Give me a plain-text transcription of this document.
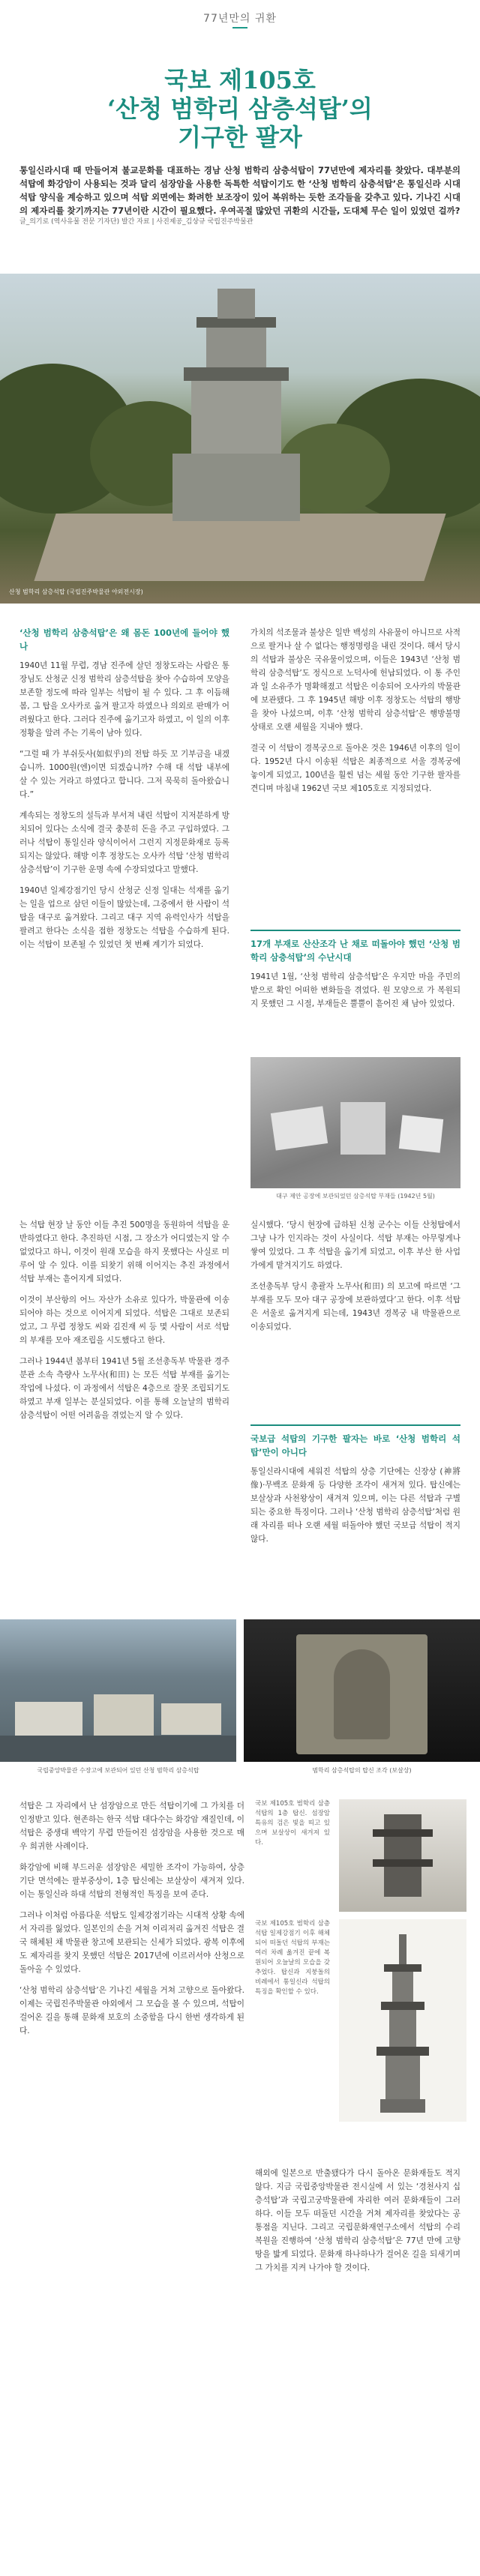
77년만의 귀환
국보 제105호
‘산청 범학리 삼층석탑’의
기구한 팔자
통일신라시대 때 만들어져 불교문화를 대표하는 경남 산청 범학리 삼층석탑이 77년만에 제자리를 찾았다. 대부분의 석탑에 화강암이 사용되는 것과 달리 섬장암을 사용한 독특한 석탑이기도 한 ‘산청 범학리 삼층석탑’은 통일신라 시대 석탑 양식을 계승하고 있으며 석탑 외면에는 화려한 보조장이 있어 복위하는 듯한 조각들을 갖추고 있다. 기나긴 시대의 제자리를 찾기까지는 77년이란 시간이 필요했다. 우여곡절 많았던 귀환의 시간들, 도대체 무슨 일이 있었던 걸까?
글_의기로 (역사유물 전문 기자단) 발간 자료 | 사진제공_김상규 국립진주박물관
산청 범학리 삼층석탑 (국립진주박물관 야외전시장)
‘산청 범학리 삼층석탑’은 왜 몸돈 100년에 들어야 했나

1940년 11월 무렵, 경남 진주에 살던 정창도라는 사람은 통장님도 산청군 신정 범학리 삼층석탑을 찾아 수습하여 모양을 보존할 정도에 따라 일부는 석탑이 될 수 있다. 그 후 이듬해 봄, 그 탑을 오사카로 옮겨 팔고자 하였으나 의외로 판매가 어려웠다고 한다. 그러다 진주에 옮기고자 하였고, 이 일의 이후 정황을 알려 주는 기록이 남아 있다.

“그럴 때 가 부쉬듯사(如似乎)의 전탑 하듯 꼬 기부금을 내겠습니까. 1000원(엔)이면 되겠습니까? 수해 대 석탑 내부에 살 수 있는 거라고 하였다고 합니다. 그저 묵묵히 돌아왔습니다.”

계속되는 정창도의 설득과 부서져 내린 석탑이 지저분하게 방치되어 있다는 소식에 결국 충분히 돈을 주고 구입하였다. 그러나 석탑이 통일신라 양식이어서 그런지 지정문화재로 등록되지는 않았다. 해방 이후 정창도는 오사카 석탑 ‘산청 범학리 삼층석탑’이 기구한 운명 속에 수장되었다고 말했다.

1940년 일제강점기인 당시 산청군 신정 일대는 석재를 옮기는 일을 업으로 삼던 이들이 많았는데, 그중에서 한 사람이 석탑을 대구로 옮겨왔다. 그리고 대구 지역 유력인사가 석탑을 팔려고 한다는 소식을 접한 정창도는 석탑을 수습하게 된다. 이는 석탑이 보존될 수 있었던 첫 번째 계기가 되었다.

가치의 석조물과 불상은 일반 백성의 사유물이 아니므로 사적으로 팔거나 살 수 없다는 행정명령을 내린 것이다. 해서 당시의 석탑과 불상은 국유물이었으며, 이들은 1943년 ‘산청 범학리 삼층석탑’도 정식으로 노덕사에 헌납되었다. 이 통 주인과 일 소유주가 명확해졌고 석탑은 이송되어 오사카의 박물관에 보관됐다. 그 후 1945년 해방 이후 정창도는 석탑의 행방을 찾아 나섰으며, 이후 ‘산청 범학리 삼층석탑’은 행방불명 상태로 오랜 세월을 지내야 했다.

결국 이 석탑이 경복궁으로 돌아온 것은 1946년 이후의 일이다. 1952년 다시 이송된 석탑은 최종적으로 서울 경복궁에 놓이게 되었고, 100년을 훨씬 넘는 세월 동안 기구한 팔자를 견디며 마침내 1962년 국보 제105호로 지정되었다.

17개 부재로 산산조각 난 채로 떠돌아야 했던 ‘산청 범학리 삼층석탑’의 수난시대

1941년 1월, ‘산청 범학리 삼층석탑’은 우지만 마을 주민의 밭으로 확인 어떠한 변화들을 겪었다. 원 모양으로 가 복원되지 못했던 그 시절, 부재들은 뿔뿔이 흩어진 채 남아 있었다.

대구 제안 공장에 보관되었던 삼층석탑 부재들 (1942년 5월)

는 석탑 현장 날 동안 이들 추진 500명을 동원하여 석탑을 운반하였다고 한다. 추진하던 시점, 그 장소가 어디였는지 알 수 없었다고 하니, 이것이 원래 모습을 하지 못했다는 사실로 미루어 알 수 있다. 이를 되찾기 위해 이어지는 추진 과정에서 석탑 부재는 흩어지게 되었다.

이것이 부산항의 어느 자산가 소유로 있다가, 박물관에 이송되어야 하는 것으로 이어지게 되었다. 석탑은 그대로 보존되었고, 그 무렵 정창도 씨와 김진재 씨 등 몇 사람이 서로 석탑의 부재를 모아 재조립을 시도했다고 한다.

그러나 1944년 봄부터 1941년 5월 조선총독부 박물관 경주 분관 소속 측량사 노무사(和田) 는 모든 석탑 부재를 옮기는 작업에 나섰다. 이 과정에서 석탑은 4층으로 잘못 조립되기도 하였고 부재 일부는 분실되었다. 이를 통해 오늘날의 범학리 삼층석탑이 어떤 어려움을 겪었는지 알 수 있다.

실시했다. ‘당시 현장에 급하된 신청 군수는 이들 산청탑에서 그냥 나가 인지라는 것이 사실이다. 석탑 부재는 아무렇게나 쌓여 있었다. 그 후 석탑을 옮기게 되었고, 이후 부산 한 사업가에게 맡겨지기도 하였다.

조선총독부 당시 총괄자 노무사(和田) 의 보고에 따르면 ‘그 부재를 모두 모아 대구 공장에 보관하였다’고 한다. 이후 석탑은 서울로 옮겨지게 되는데, 1943년 경복궁 내 박물관으로 이송되었다.

국보급 석탑의 기구한 팔자는 바로 ‘산청 범학리 석탑’만이 아니다

통일신라시대에 세워진 석탑의 상층 기단에는 신장상 (神將像)·무백조 문화재 등 다양한 조각이 새겨져 있다. 탑신에는 보살상과 사천왕상이 새겨져 있으며, 이는 다른 석탑과 구별되는 중요한 특징이다. 그러나 ‘산청 범학리 삼층석탑’처럼 원래 자리를 떠나 오랜 세월 떠돌아야 했던 국보급 석탑이 적지 않다.

국립중앙박물관 수장고에 보관되어 있던 산청 범학리 삼층석탑	범학리 삼층석탑의 탑신 조각 (보살상)

석탑은 그 자리에서 난 섬장암으로 만든 석탑이기에 그 가치를 더 인정받고 있다. 현존하는 한국 석탑 대다수는 화강암 재질인데, 이 석탑은 중생대 백악기 무렵 만들어진 섬장암을 사용한 것으로 매우 희귀한 사례이다.

화강암에 비해 부드러운 섬장암은 세밀한 조각이 가능하여, 상층기단 면석에는 팔부중상이, 1층 탑신에는 보살상이 새겨져 있다. 이는 통일신라 하대 석탑의 전형적인 특징을 보여 준다.

그러나 이처럼 아름다운 석탑도 일제강점기라는 시대적 상황 속에서 자리를 잃었다. 일본인의 손을 거쳐 이리저리 옮겨진 석탑은 결국 해체된 채 박물관 창고에 보관되는 신세가 되었다. 광복 이후에도 제자리를 찾지 못했던 석탑은 2017년에 이르러서야 산청으로 돌아올 수 있었다.

‘산청 범학리 삼층석탑’은 기나긴 세월을 거쳐 고향으로 돌아왔다. 이제는 국립진주박물관 야외에서 그 모습을 볼 수 있으며, 석탑이 걸어온 길을 통해 문화재 보호의 소중함을 다시 한번 생각하게 된다.

국보 제105호 범학리 삼층석탑의 1층 탑신. 섬장암 특유의 검은 빛을 띠고 있으며 보살상이 새겨져 있다.
국보 제105호 범학리 삼층석탑 일제강점기 이후 해체되어 떠돌던 석탑의 부재는 여러 차례 옮겨진 끝에 복원되어 오늘날의 모습을 갖추었다. 탑신과 지붕돌의 비례에서 통일신라 석탑의 특징을 확인할 수 있다.

해외에 일본으로 반출됐다가 다시 돌아온 문화재들도 적지 않다. 지금 국립중앙박물관 전시실에 서 있는 ‘경천사지 십층석탑’과 국립고궁박물관에 자리한 여러 문화재들이 그러하다. 이들 모두 떠돌던 시간을 거쳐 제자리를 찾았다는 공통점을 지닌다. 그리고 국립문화재연구소에서 석탑의 수리 복원을 진행하여 ‘산청 범학리 삼층석탑’은 77년 만에 고향 땅을 밟게 되었다. 문화재 하나하나가 걸어온 길을 되새기며 그 가치를 지켜 나가야 할 것이다.
